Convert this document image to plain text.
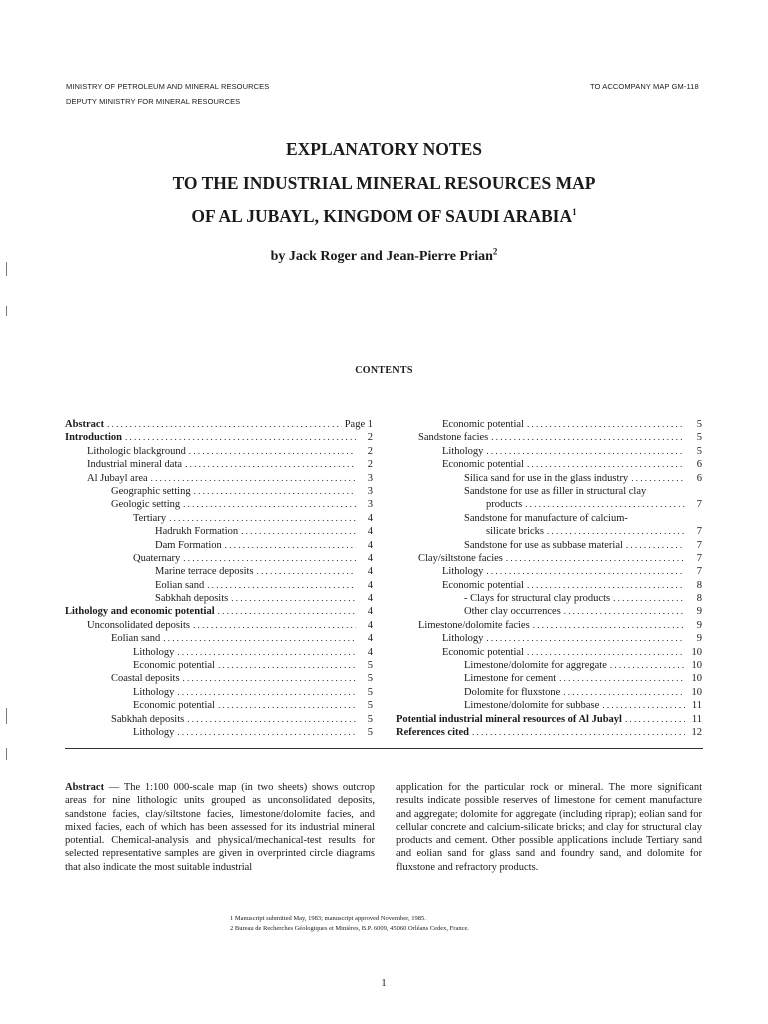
MINISTRY OF PETROLEUM AND MINERAL RESOURCES
DEPUTY MINISTRY FOR MINERAL RESOURCES
TO ACCOMPANY MAP GM-118
EXPLANATORY NOTES
TO THE INDUSTRIAL MINERAL RESOURCES MAP
OF AL JUBAYL, KINGDOM OF SAUDI ARABIA$^1$
by Jack Roger and Jean-Pierre Prian$^2$
CONTENTS
Abstract . . .	Page 1
Introduction . . .	2
Lithologic blackground . . .	2
Industrial mineral data . . .	2
Al Jubayl area . . .	3
Geographic setting . . .	3
Geologic setting . . .	3
Tertiary . . .	4
Hadrukh Formation . . .	4
Dam Formation . . .	4
Quaternary . . .	4
Marine terrace deposits . . .	4
Eolian sand . . .	4
Sabkhah deposits . . .	4
Lithology and economic potential . . .	4
Unconsolidated deposits . . .	4
Eolian sand . . .	4
Lithology . . .	4
Economic potential . . .	5
Coastal deposits . . .	5
Lithology . . .	5
Economic potential . . .	5
Sabkhah deposits . . .	5
Lithology . . .	5
Economic potential . . .	5
Sandstone facies . . .	5
Lithology . . .	5
Economic potential . . .	6
Silica sand for use in the glass industry . . .	6
Sandstone for use as filler in structural clay
products . . .	7
Sandstone for manufacture of calcium-
silicate bricks . . .	7
Sandstone for use as subbase material . . .	7
Clay/siltstone facies . . .	7
Lithology . . .	7
Economic potential . . .	8
- Clays for structural clay products . . .	8
Other clay occurrences . . .	9
Limestone/dolomite facies . . .	9
Lithology . . .	9
Economic potential . . .	10
Limestone/dolomite for aggregate . . .	10
Limestone for cement . . .	10
Dolomite for fluxstone . . .	10
Limestone/dolomite for subbase . . .	11
Potential industrial mineral resources of Al Jubayl . . .	11
References cited . . .	12
Abstract — The 1:100 000-scale map (in two sheets) shows outcrop areas for nine lithologic units grouped as unconsolidated deposits, sandstone facies, clay/siltstone facies, limestone/dolomite facies, and mixed facies, each of which has been assessed for its industrial mineral potential. Chemical-analysis and physical/mechanical-test results for selected representative samples are given in overprinted circle diagrams that also indicate the most suitable industrial
application for the particular rock or mineral. The more significant results indicate possible reserves of limestone for cement manufacture and aggregate; dolomite for aggregate (including riprap); eolian sand for cellular concrete and calcium-silicate bricks; and clay for structural clay products and cement. Other possible applications include Tertiary sand and eolian sand for glass sand and foundry sand, and dolomite for fluxstone and refractory products.
1 Manuscript submitted May, 1983; manuscript approved November, 1985.
2 Bureau de Recherches Géologiques et Minières, B.P. 6009, 45060 Orléans Cedex, France.
1
